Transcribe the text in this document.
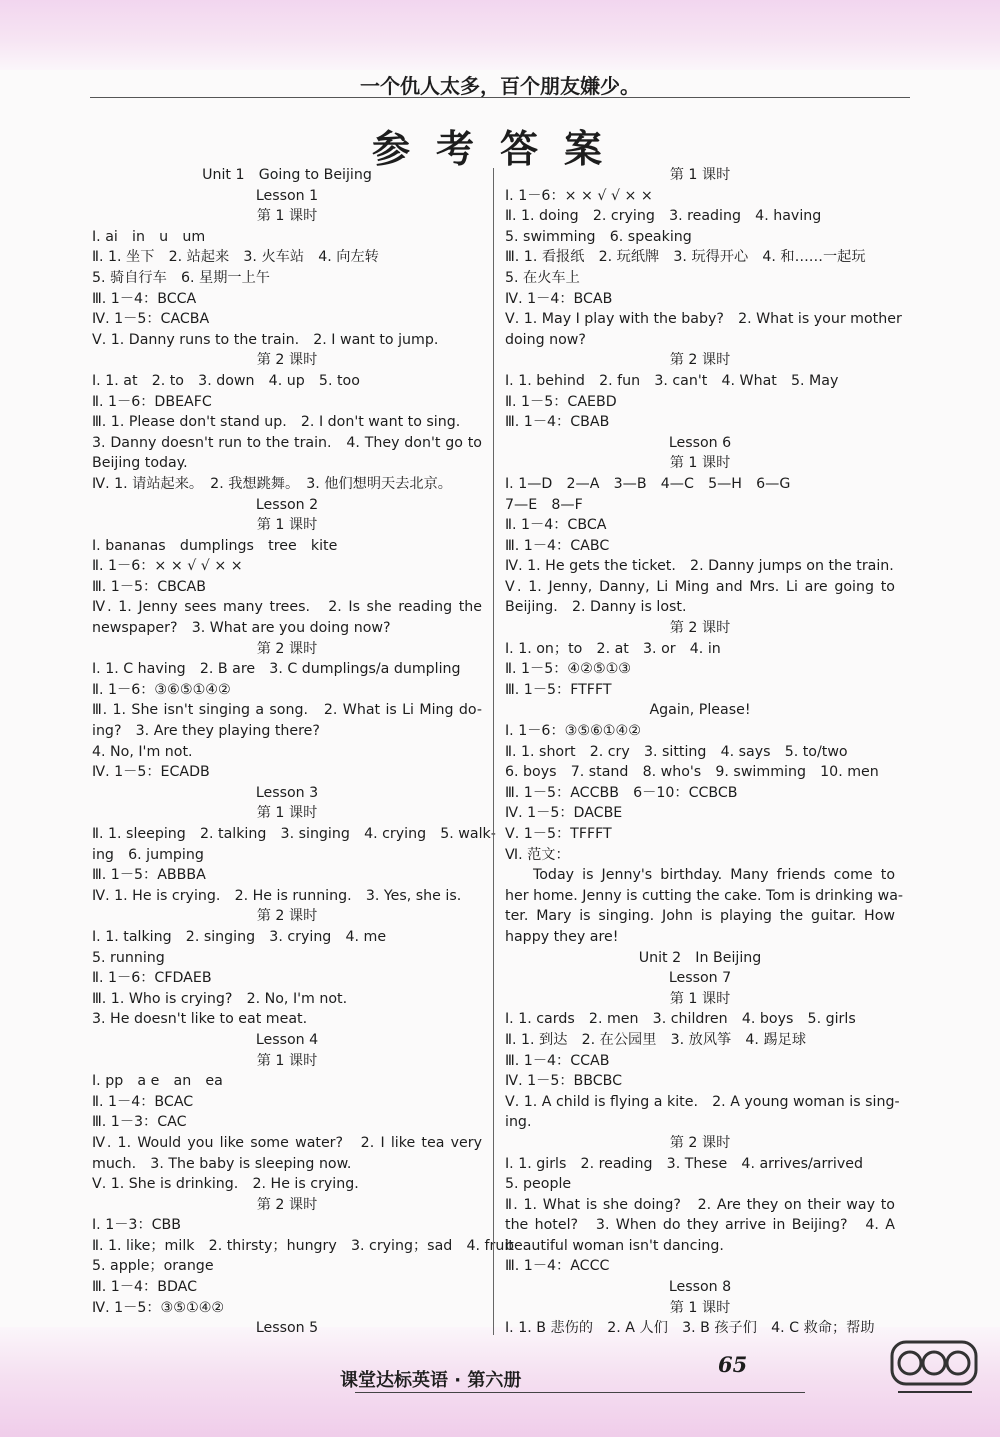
一个仇人太多，百个朋友嫌少。
参考答案
Unit 1　Going to Beijing
Lesson 1
第 1 课时
Ⅰ. ai　in　u　um
Ⅱ. 1. 坐下　2. 站起来　3. 火车站　4. 向左转
5. 骑自行车　6. 星期一上午
Ⅲ. 1－4：BCCA
Ⅳ. 1－5：CACBA
Ⅴ. 1. Danny runs to the train.　2. I want to jump.
第 2 课时
Ⅰ. 1. at　2. to　3. down　4. up　5. too
Ⅱ. 1－6：DBEAFC
Ⅲ. 1. Please don't stand up.　2. I don't want to sing.
3. Danny doesn't run to the train.　4. They don't go to
Beijing today.
Ⅳ. 1. 请站起来。　2. 我想跳舞。　3. 他们想明天去北京。
Lesson 2
第 1 课时
Ⅰ. bananas　dumplings　tree　kite
Ⅱ. 1－6：× × √ √ × ×
Ⅲ. 1－5：CBCAB
Ⅳ. 1. Jenny sees many trees.　2. Is she reading the
newspaper?　3. What are you doing now?
第 2 课时
Ⅰ. 1. C having　2. B are　3. C dumplings/a dumpling
Ⅱ. 1－6：③⑥⑤①④②
Ⅲ. 1. She isn't singing a song.　2. What is Li Ming do-
ing?　3. Are they playing there?
4. No, I'm not.
Ⅳ. 1－5：ECADB
Lesson 3
第 1 课时
Ⅱ. 1. sleeping　2. talking　3. singing　4. crying　5. walk-
ing　6. jumping
Ⅲ. 1－5：ABBBA
Ⅳ. 1. He is crying.　2. He is running.　3. Yes, she is.
第 2 课时
Ⅰ. 1. talking　2. singing　3. crying　4. me
5. running
Ⅱ. 1－6：CFDAEB
Ⅲ. 1. Who is crying?　2. No, I'm not.
3. He doesn't like to eat meat.
Lesson 4
第 1 课时
Ⅰ. pp　a e　an　ea
Ⅱ. 1－4：BCAC
Ⅲ. 1－3：CAC
Ⅳ. 1. Would you like some water?　2. I like tea very
much.　3. The baby is sleeping now.
Ⅴ. 1. She is drinking.　2. He is crying.
第 2 课时
Ⅰ. 1－3：CBB
Ⅱ. 1. like；milk　2. thirsty；hungry　3. crying；sad　4. fruit
5. apple；orange
Ⅲ. 1－4：BDAC
Ⅳ. 1－5：③⑤①④②
Lesson 5
第 1 课时
Ⅰ. 1－6：× × √ √ × ×
Ⅱ. 1. doing　2. crying　3. reading　4. having
5. swimming　6. speaking
Ⅲ. 1. 看报纸　2. 玩纸牌　3. 玩得开心　4. 和……一起玩
5. 在火车上
Ⅳ. 1－4：BCAB
Ⅴ. 1. May I play with the baby?　2. What is your mother
doing now?
第 2 课时
Ⅰ. 1. behind　2. fun　3. can't　4. What　5. May
Ⅱ. 1－5：CAEBD
Ⅲ. 1－4：CBAB
Lesson 6
第 1 课时
Ⅰ. 1—D　2—A　3—B　4—C　5—H　6—G
7—E　8—F
Ⅱ. 1－4：CBCA
Ⅲ. 1－4：CABC
Ⅳ. 1. He gets the ticket.　2. Danny jumps on the train.
Ⅴ. 1. Jenny, Danny, Li Ming and Mrs. Li are going to
Beijing.　2. Danny is lost.
第 2 课时
Ⅰ. 1. on；to　2. at　3. or　4. in
Ⅱ. 1－5：④②⑤①③
Ⅲ. 1－5：FTFFT
Again, Please!
Ⅰ. 1－6：③⑤⑥①④②
Ⅱ. 1. short　2. cry　3. sitting　4. says　5. to/two
6. boys　7. stand　8. who's　9. swimming　10. men
Ⅲ. 1－5：ACCBB　6－10：CCBCB
Ⅳ. 1－5：DACBE
Ⅴ. 1－5：TFFFT
Ⅵ. 范文：
Today is Jenny's birthday. Many friends come to
her home. Jenny is cutting the cake. Tom is drinking wa-
ter. Mary is singing. John is playing the guitar. How
happy they are!
Unit 2　In Beijing
Lesson 7
第 1 课时
Ⅰ. 1. cards　2. men　3. children　4. boys　5. girls
Ⅱ. 1. 到达　2. 在公园里　3. 放风筝　4. 踢足球
Ⅲ. 1－4：CCAB
Ⅳ. 1－5：BBCBC
Ⅴ. 1. A child is flying a kite.　2. A young woman is sing-
ing.
第 2 课时
Ⅰ. 1. girls　2. reading　3. These　4. arrives/arrived
5. people
Ⅱ. 1. What is she doing?　2. Are they on their way to
the hotel?　3. When do they arrive in Beijing?　4. A
beautiful woman isn't dancing.
Ⅲ. 1－4：ACCC
Lesson 8
第 1 课时
Ⅰ. 1. B 悲伤的　2. A 人们　3. B 孩子们　4. C 救命；帮助
课堂达标英语 · 第六册
65
